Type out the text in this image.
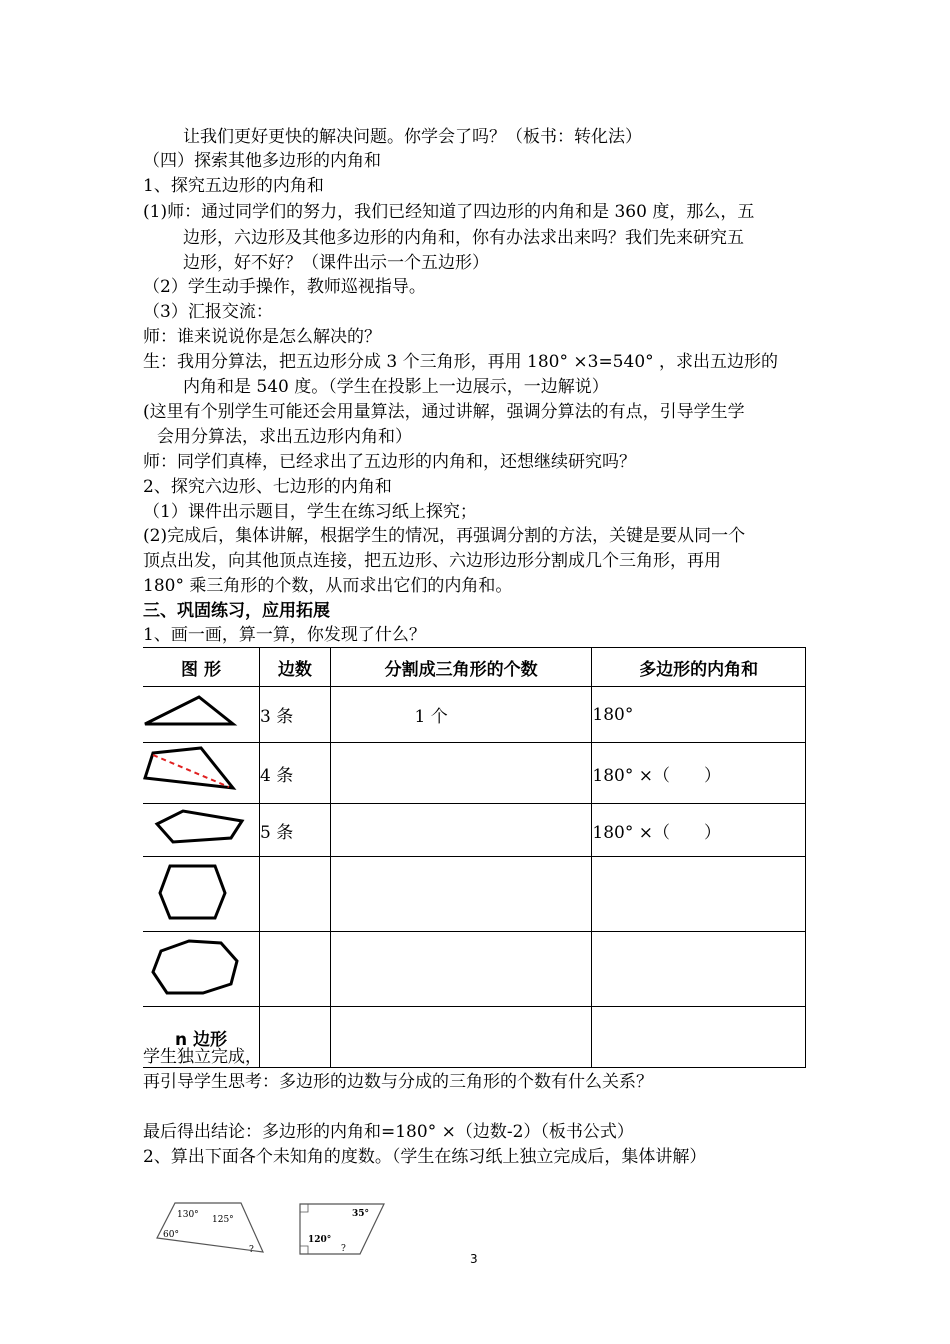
让我们更好更快的解决问题。你学会了吗？（板书：转化法）
（四）探索其他多边形的内角和
1、探究五边形的内角和
(1)师：通过同学们的努力，我们已经知道了四边形的内角和是 360 度，那么，五
边形，六边形及其他多边形的内角和，你有办法求出来吗？我们先来研究五
边形，好不好？（课件出示一个五边形）
（2）学生动手操作，教师巡视指导。
（3）汇报交流：
师：谁来说说你是怎么解决的？
生：我用分算法，把五边形分成 3 个三角形，再用 180° ×3=540° ，求出五边形的
内角和是 540 度。（学生在投影上一边展示，一边解说）
(这里有个别学生可能还会用量算法，通过讲解，强调分算法的有点，引导学生学
会用分算法，求出五边形内角和）
师：同学们真棒，已经求出了五边形的内角和，还想继续研究吗？
2、探究六边形、七边形的内角和
（1）课件出示题目，学生在练习纸上探究；
(2)完成后，集体讲解，根据学生的情况，再强调分割的方法，关键是要从同一个
顶点出发，向其他顶点连接，把五边形、六边形边形分割成几个三角形，再用
180° 乘三角形的个数，从而求出它们的内角和。
三、巩固练习，应用拓展
1、画一画，算一算，你发现了什么？
图 形	边数	分割成三角形的个数	多边形的内角和
	3 条	1 个	180°
	4 条		180° ×（　　）
	5 条		180° ×（　　）

n 边形			
学生独立完成，
再引导学生思考：多边形的边数与分成的三角形的个数有什么关系？
最后得出结论：多边形的内角和=180° ×（边数-2）（板书公式）
2、算出下面各个未知角的度数。（学生在练习纸上独立完成后，集体讲解）
130° 125°
60°
?
35°
120°
?
3
